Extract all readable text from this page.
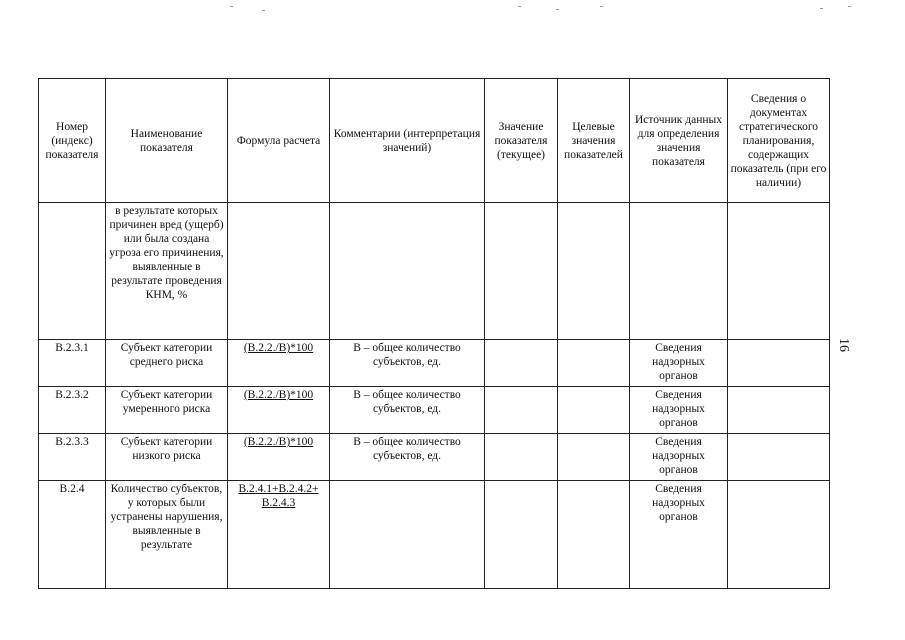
16
Номер (индекс) показателя	Наименование показателя	Формула расчета	Комментарии (интерпретация значений)	Значение показателя (текущее)	Целевые значения показателей	Источник данных для определения значения показателя	Сведения о документах стратегического планирования, содержащих показатель (при его наличии)
	в результате которых причинен вред (ущерб) или была создана угроза его причинения, выявленные в результате проведения КНМ, %						
В.2.3.1	Субъект категории среднего риска	(В.2.2./В)*100	В – общее количество субъектов, ед.			Сведения надзорных органов	
В.2.3.2	Субъект категории умеренного риска	(В.2.2./В)*100	В – общее количество субъектов, ед.			Сведения надзорных органов	
В.2.3.3	Субъект категории низкого риска	(В.2.2./В)*100	В – общее количество субъектов, ед.			Сведения надзорных органов	
В.2.4	Количество субъектов, у которых были устранены нарушения, выявленные в результате	В.2.4.1+В.2.4.2+ В.2.4.3				Сведения надзорных органов	
